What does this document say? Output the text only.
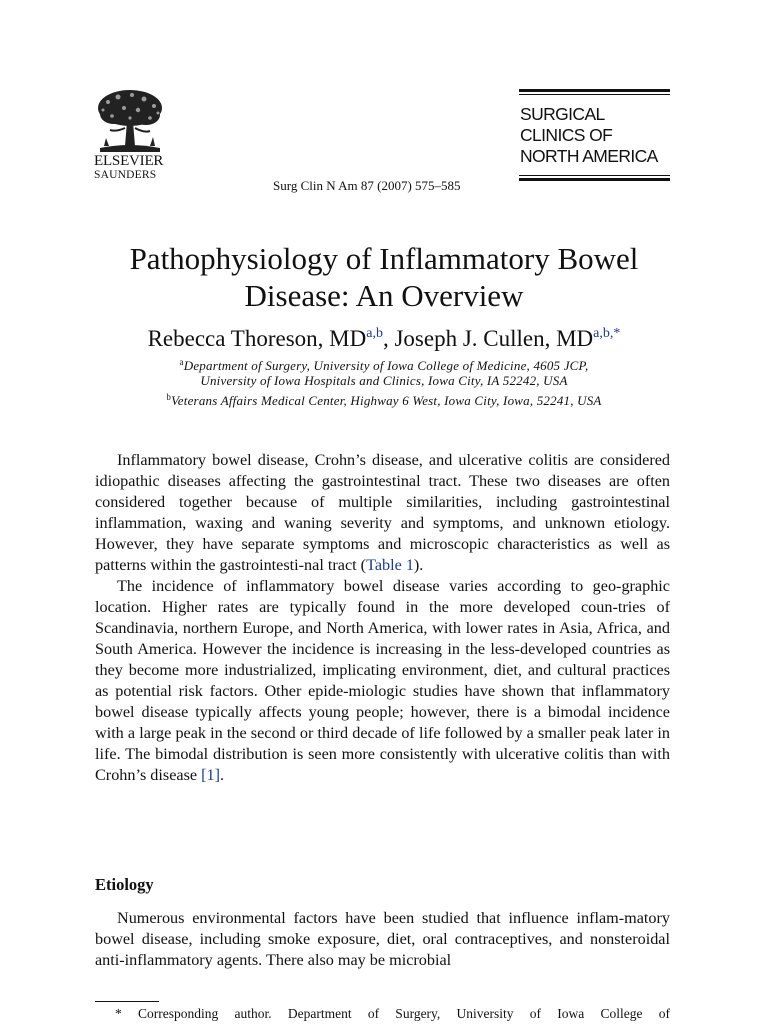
ELSEVIER
SAUNDERS
SURGICAL
CLINICS OF
NORTH AMERICA
Surg Clin N Am 87 (2007) 575–585
Pathophysiology of Inflammatory Bowel
Disease: An Overview
Rebecca Thoreson, MD$^{a,b}$, Joseph J. Cullen, $MD^{a,b,*}$
$^a$Department of Surgery, University of Iowa College of Medicine, 4605 JCP,
University of Iowa Hospitals and Clinics, Iowa City, IA 52242, USA
$^b$Veterans Affairs Medical Center, Highway 6 West, Iowa City, Iowa, 52241, USA

Inflammatory bowel disease, Crohn’s disease, and ulcerative colitis are considered idiopathic diseases affecting the gastrointestinal tract. These two diseases are often considered together because of multiple similarities, including gastrointestinal inflammation, waxing and waning severity and symptoms, and unknown etiology. However, they have separate symptoms and microscopic characteristics as well as patterns within the gastrointesti-nal tract (Table 1).

The incidence of inflammatory bowel disease varies according to geo-graphic location. Higher rates are typically found in the more developed coun-tries of Scandinavia, northern Europe, and North America, with lower rates in Asia, Africa, and South America. However the incidence is increasing in the less-developed countries as they become more industrialized, implicating environment, diet, and cultural practices as potential risk factors. Other epide-miologic studies have shown that inflammatory bowel disease typically affects young people; however, there is a bimodal incidence with a large peak in the second or third decade of life followed by a smaller peak later in life. The bimodal distribution is seen more consistently with ulcerative colitis than with Crohn’s disease [1].

Etiology

Numerous environmental factors have been studied that influence inflam-matory bowel disease, including smoke exposure, diet, oral contraceptives, and nonsteroidal anti-inflammatory agents. There also may be microbial

* Corresponding author. Department of Surgery, University of Iowa College of
